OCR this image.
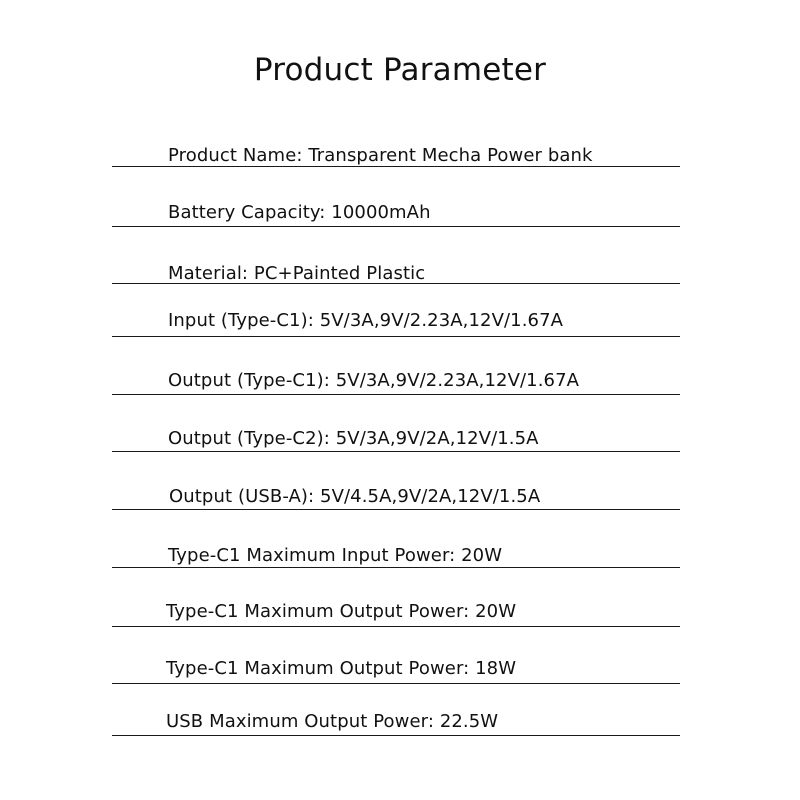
Product Parameter
Product Name: Transparent Mecha Power bank
Battery Capacity: 10000mAh
Material: PC+Painted Plastic
Input (Type-C1): 5V/3A,9V/2.23A,12V/1.67A
Output (Type-C1): 5V/3A,9V/2.23A,12V/1.67A
Output (Type-C2): 5V/3A,9V/2A,12V/1.5A
Output (USB-A): 5V/4.5A,9V/2A,12V/1.5A
Type-C1 Maximum Input Power: 20W
Type-C1 Maximum Output Power: 20W
Type-C1 Maximum Output Power: 18W
USB Maximum Output Power: 22.5W
